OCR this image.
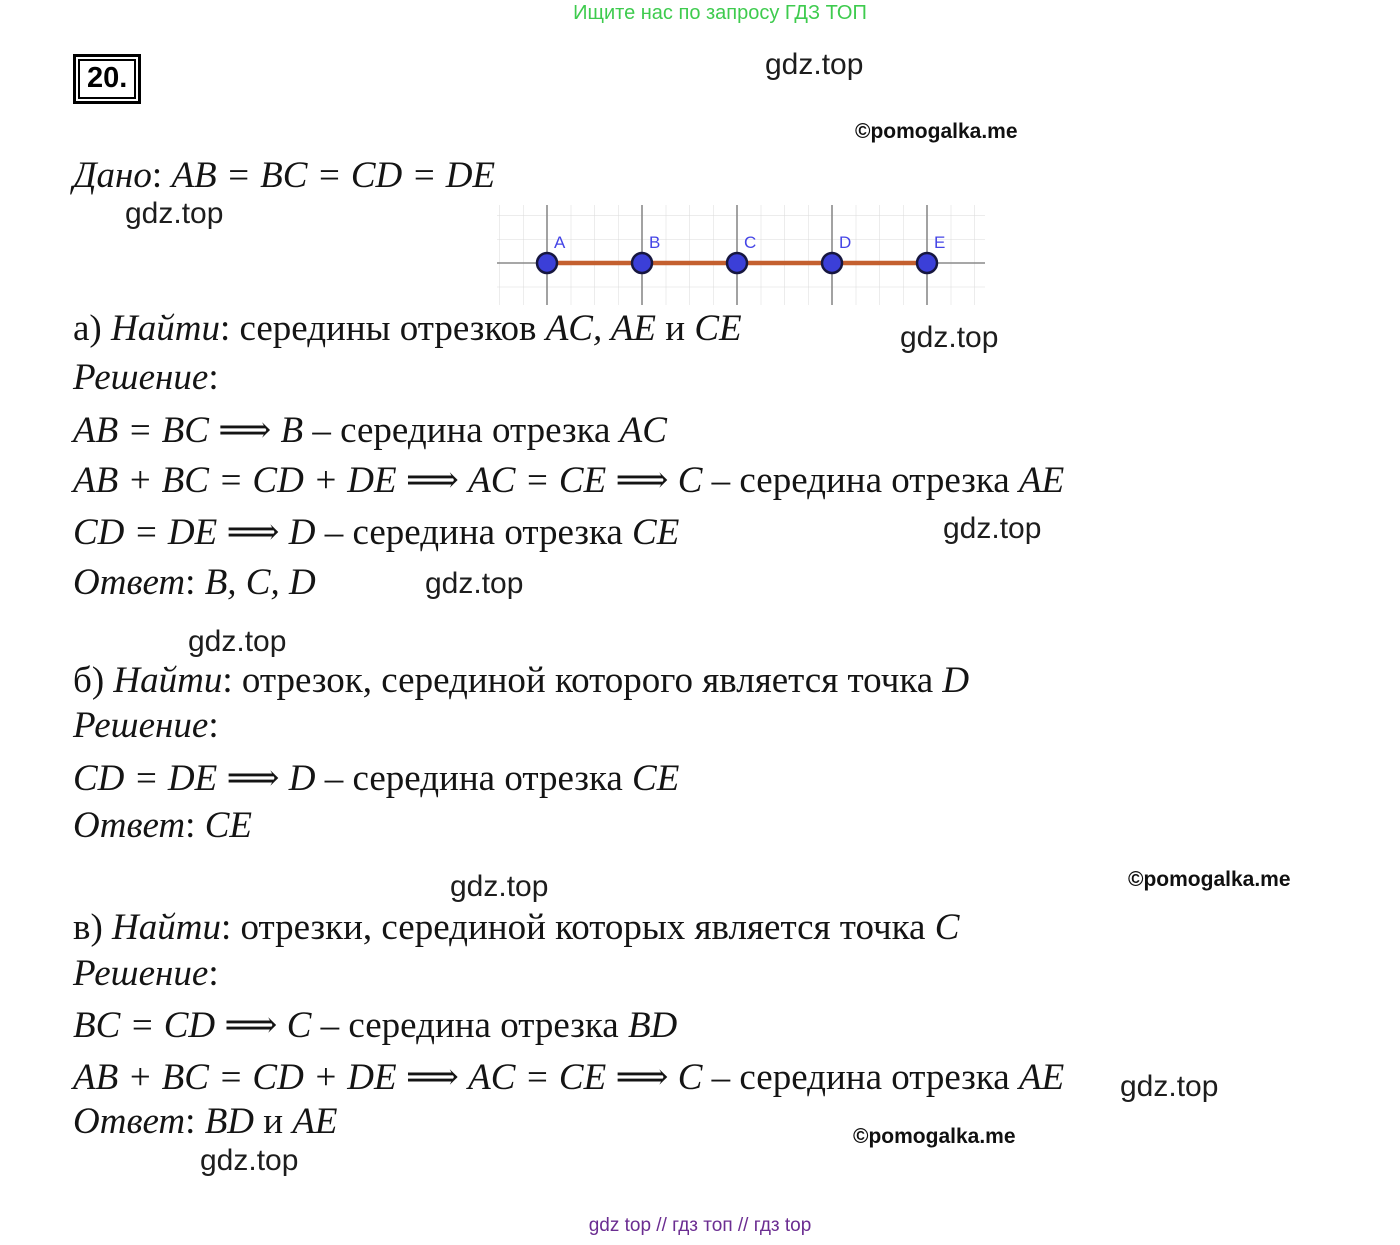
Ищите нас по запросу ГДЗ ТОП
20.	gdz.top
gdz.top
gdz.top
gdz.top
gdz.top
gdz.top
gdz.top
gdz.top
gdz.top
©pomogalka.me
©pomogalka.me
©pomogalka.me
A	B	C	D	E
Дано: AB = BC = CD = DE
а) Найти: середины отрезков AC, AE и CE
Решение:
AB = BC ⟹ B – середина отрезка AC
AB + BC = CD + DE ⟹ AC = CE ⟹ C – середина отрезка AE
CD = DE ⟹ D – середина отрезка CE
Ответ: B, C, D
б) Найти: отрезок, серединой которого является точка D
Решение:
CD = DE ⟹ D – середина отрезка CE
Ответ: CE
в) Найти: отрезки, серединой которых является точка C
Решение:
BC = CD ⟹ C – середина отрезка BD
AB + BC = CD + DE ⟹ AC = CE ⟹ C – середина отрезка AE
Ответ: BD и AE
gdz top // гдз топ // гдз top
